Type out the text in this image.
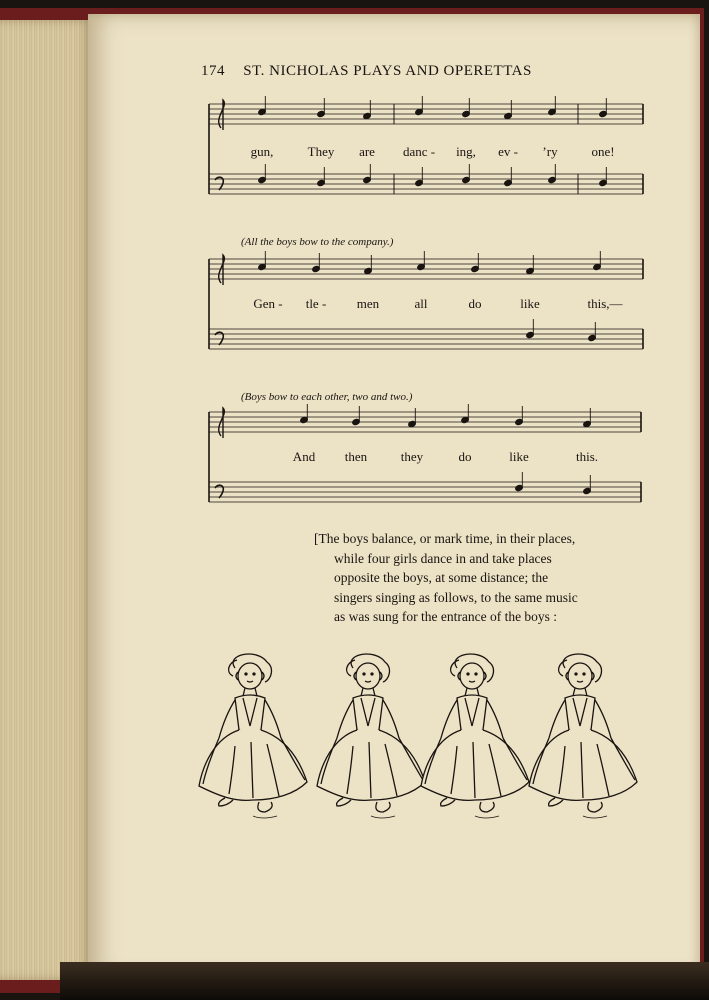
174 ST. NICHOLAS PLAYS AND OPERETTAS
gun,	They are danc - ing, ev - ’ry	one!
(All the boys bow to the company.)
Gen - tle - men	all	do	like	this,—
(Boys bow to each other, two and two.)
And then	they	do	like	this.
[The boys balance, or mark time, in their places,
while four girls dance in and take places
opposite the boys, at some distance; the
singers singing as follows, to the same music
as was sung for the entrance of the boys :
